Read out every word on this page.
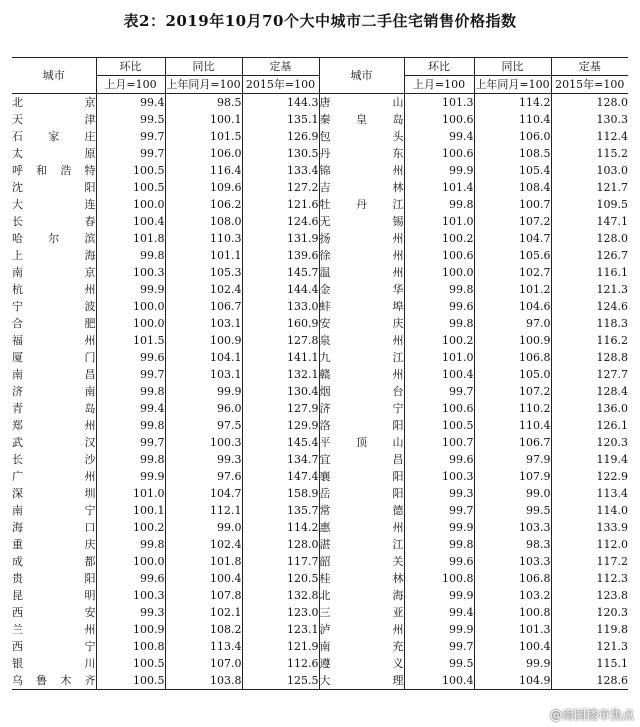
表2：2019年10月70个大中城市二手住宅销售价格指数
城市	环比	同比	定基	城市	环比	同比	定基
	上月=100	上年同月=100	2015年=100		上月=100	上年同月=100	2015年=100
北京	99.4	98.5	144.3	唐山	101.3	114.2	128.0
天津	99.5	100.1	135.1	秦皇岛	100.6	110.4	130.3
石家庄	99.7	101.5	126.9	包头	99.4	106.0	112.4
太原	99.7	106.0	130.5	丹东	100.6	108.5	115.2
呼和浩特	100.5	116.4	133.4	锦州	99.9	105.4	103.0
沈阳	100.5	109.6	127.2	吉林	101.4	108.4	121.7
大连	100.0	106.2	121.6	牡丹江	99.8	100.7	109.5
长春	100.4	108.0	124.6	无锡	101.0	107.2	147.1
哈尔滨	101.8	110.3	131.9	扬州	100.2	104.7	128.0
上海	99.8	101.1	139.6	徐州	100.6	105.6	126.7
南京	100.3	105.3	145.7	温州	100.0	102.7	116.1
杭州	99.9	102.4	144.4	金华	99.8	101.2	121.3
宁波	100.0	106.7	133.0	蚌埠	99.6	104.6	124.6
合肥	100.0	103.1	160.9	安庆	99.8	97.0	118.3
福州	101.5	100.9	127.8	泉州	100.2	100.9	116.2
厦门	99.6	104.1	141.1	九江	101.0	106.8	128.8
南昌	99.7	103.1	132.1	赣州	100.4	105.0	127.7
济南	99.8	99.9	130.4	烟台	99.7	107.2	128.4
青岛	99.4	96.0	127.9	济宁	100.6	110.2	136.0
郑州	99.8	97.5	129.9	洛阳	100.5	110.4	126.1
武汉	99.7	100.3	145.4	平顶山	100.7	106.7	120.3
长沙	99.8	99.3	134.7	宜昌	99.6	97.9	119.4
广州	99.9	97.6	147.4	襄阳	100.3	107.9	122.9
深圳	101.0	104.7	158.9	岳阳	99.3	99.0	113.4
南宁	100.1	112.1	135.7	常德	99.7	99.5	114.0
海口	100.2	99.0	114.2	惠州	99.9	103.3	133.9
重庆	99.8	102.4	128.0	湛江	99.8	98.3	112.0
成都	100.0	101.8	117.7	韶关	99.6	103.3	117.2
贵阳	99.6	100.4	120.5	桂林	100.8	106.8	112.3
昆明	100.3	107.8	132.8	北海	99.9	103.2	123.8
西安	99.3	102.1	123.0	三亚	99.4	100.8	120.3
兰州	100.9	108.2	123.1	泸州	99.9	101.3	119.8
西宁	100.8	113.4	121.9	南充	99.7	100.4	121.3
银川	100.5	107.0	112.6	遵义	99.5	99.9	115.1
乌鲁木齐	100.5	103.8	125.5	大理	100.4	104.9	128.6
@南国楼市焦点
